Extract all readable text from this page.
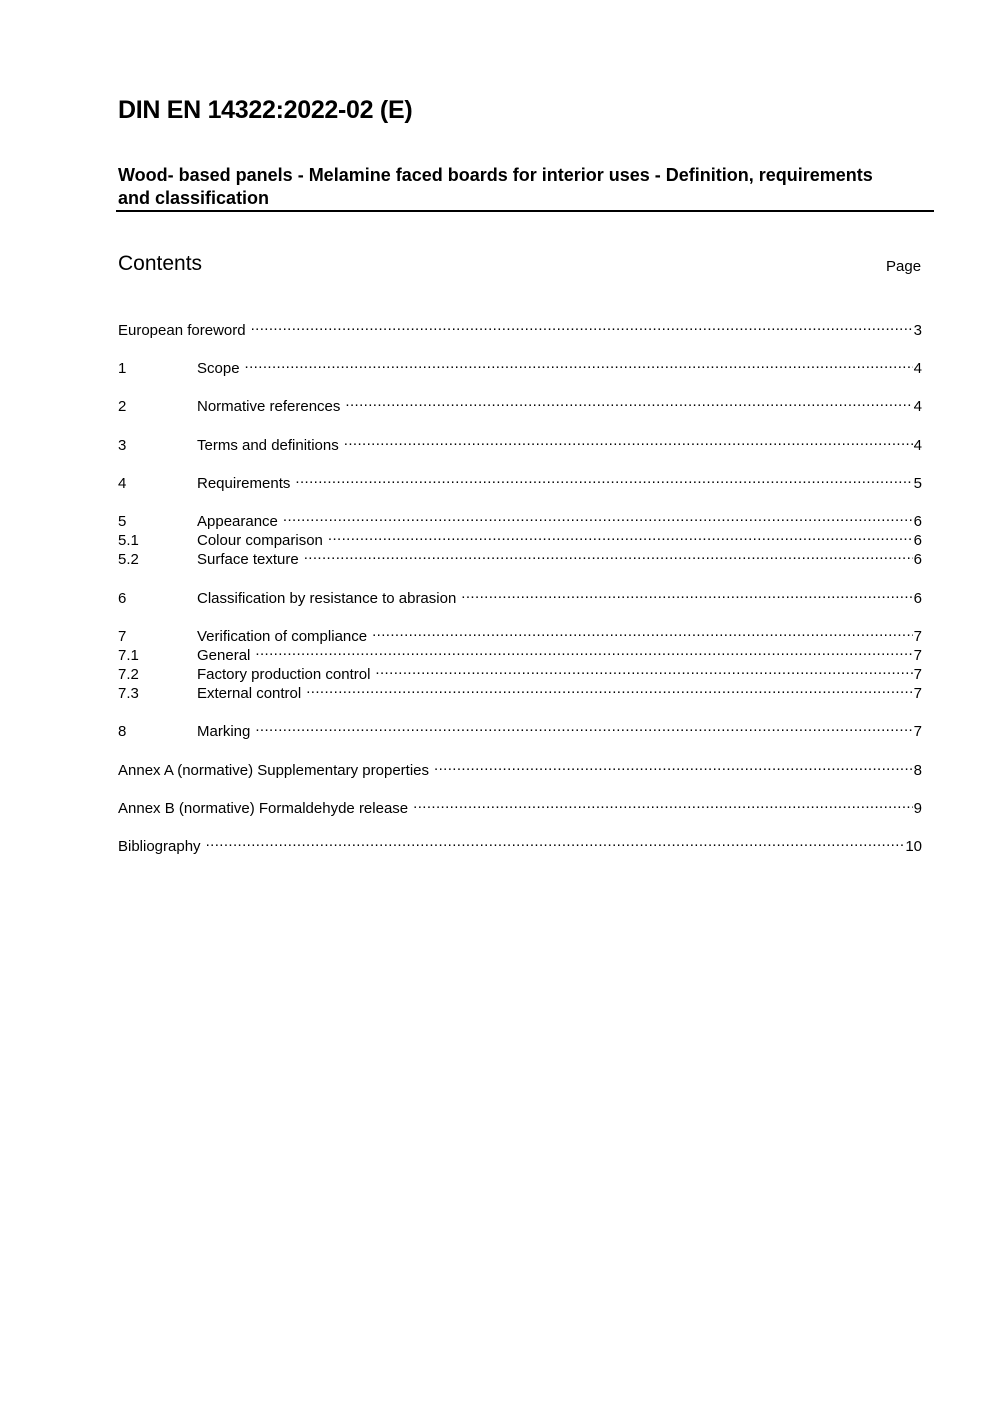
DIN EN 14322:2022-02 (E)
Wood- based panels - Melamine faced boards for interior uses - Definition, requirements and classification
Contents	Page
European foreword .....	3
1	Scope .....	4
2	Normative references .....	4
3	Terms and definitions .....	4
4	Requirements .....	5
5	Appearance .....	6
5.1	Colour comparison .....	6
5.2	Surface texture .....	6
6	Classification by resistance to abrasion .....	6
7	Verification of compliance .....	7
7.1	General .....	7
7.2	Factory production control .....	7
7.3	External control .....	7
8	Marking .....	7
Annex A (normative) Supplementary properties .....	8
Annex B (normative) Formaldehyde release .....	9
Bibliography .....	10
